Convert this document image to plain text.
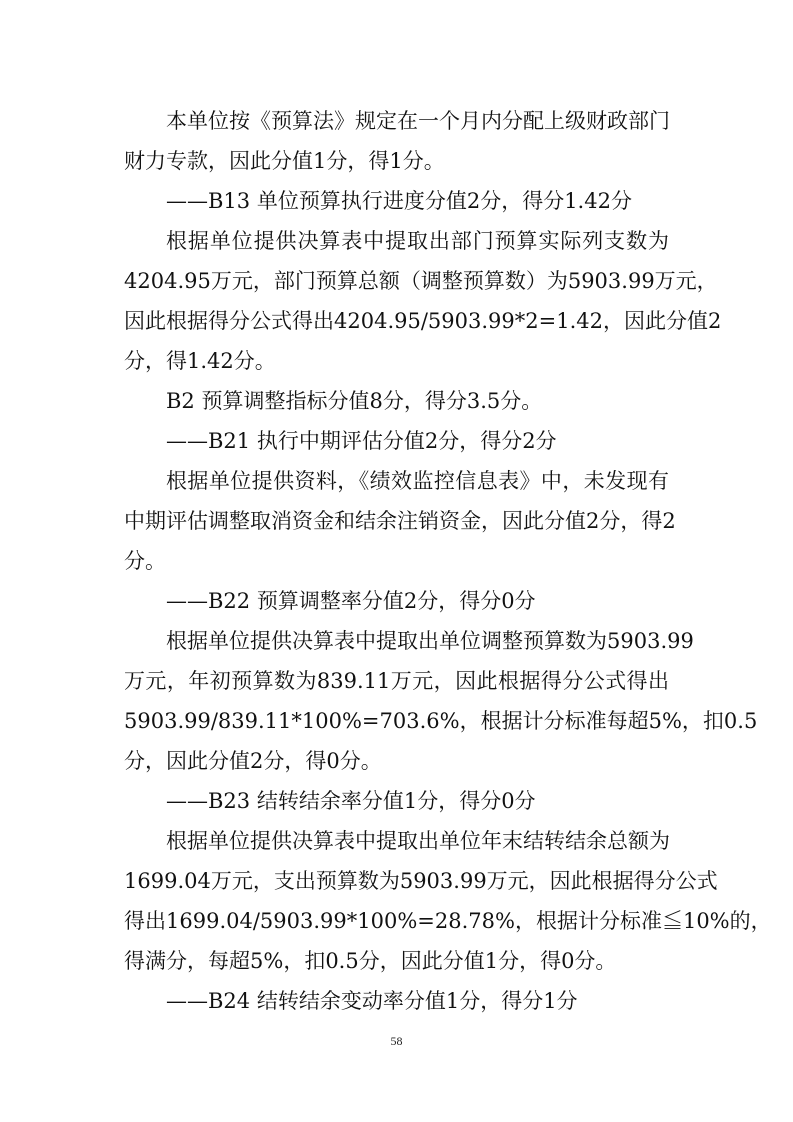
本单位按《预算法》规定在一个月内分配上级财政部门
财力专款，因此分值1分，得1分。
——B13 单位预算执行进度分值2分，得分1.42分
根据单位提供决算表中提取出部门预算实际列支数为
4204.95万元，部门预算总额（调整预算数）为5903.99万元，
因此根据得分公式得出4204.95/5903.99*2=1.42，因此分值2
分，得1.42分。
B2 预算调整指标分值8分，得分3.5分。
——B21 执行中期评估分值2分，得分2分
根据单位提供资料，《绩效监控信息表》中，未发现有
中期评估调整取消资金和结余注销资金，因此分值2分，得2
分。
——B22 预算调整率分值2分，得分0分
根据单位提供决算表中提取出单位调整预算数为5903.99
万元，年初预算数为839.11万元，因此根据得分公式得出
5903.99/839.11*100%=703.6%，根据计分标准每超5%，扣0.5
分，因此分值2分，得0分。
——B23 结转结余率分值1分，得分0分
根据单位提供决算表中提取出单位年末结转结余总额为
1699.04万元，支出预算数为5903.99万元，因此根据得分公式
得出1699.04/5903.99*100%=28.78%，根据计分标准≦10%的，
得满分，每超5%，扣0.5分，因此分值1分，得0分。
——B24 结转结余变动率分值1分，得分1分
58
